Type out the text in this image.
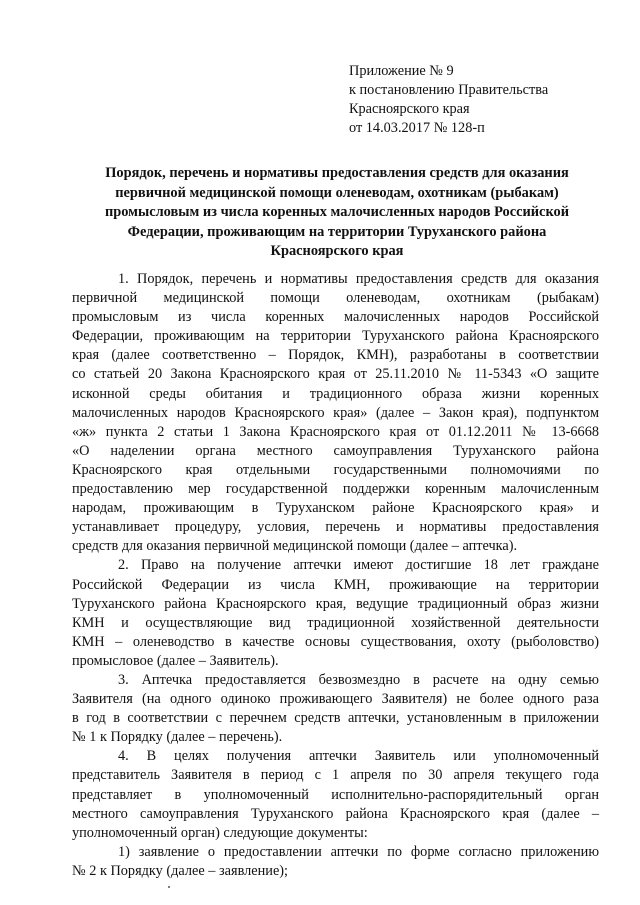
Приложение № 9
к постановлению Правительства
Красноярского края
от 14.03.2017 № 128-п
Порядок, перечень и нормативы предоставления средств для оказания
первичной медицинской помощи оленеводам, охотникам (рыбакам)
промысловым из числа коренных малочисленных народов Российской
Федерации, проживающим на территории Туруханского района
Красноярского края
1. Порядок, перечень и нормативы предоставления средств для оказания
первичной медицинской помощи оленеводам, охотникам (рыбакам)
промысловым из числа коренных малочисленных народов Российской
Федерации, проживающим на территории Туруханского района Красноярского
края (далее соответственно – Порядок, КМН), разработаны в соответствии
со статьей 20 Закона Красноярского края от 25.11.2010 № 11-5343 «О защите
исконной среды обитания и традиционного образа жизни коренных
малочисленных народов Красноярского края» (далее – Закон края), подпунктом
«ж» пункта 2 статьи 1 Закона Красноярского края от 01.12.2011 № 13-6668
«О наделении органа местного самоуправления Туруханского района
Красноярского края отдельными государственными полномочиями по
предоставлению мер государственной поддержки коренным малочисленным
народам, проживающим в Туруханском районе Красноярского края» и
устанавливает процедуру, условия, перечень и нормативы предоставления
средств для оказания первичной медицинской помощи (далее – аптечка).
2. Право на получение аптечки имеют достигшие 18 лет граждане
Российской Федерации из числа КМН, проживающие на территории
Туруханского района Красноярского края, ведущие традиционный образ жизни
КМН и осуществляющие вид традиционной хозяйственной деятельности
КМН – оленеводство в качестве основы существования, охоту (рыболовство)
промысловое (далее – Заявитель).
3. Аптечка предоставляется безвозмездно в расчете на одну семью
Заявителя (на одного одиноко проживающего Заявителя) не более одного раза
в год в соответствии с перечнем средств аптечки, установленным в приложении
№ 1 к Порядку (далее – перечень).
4. В целях получения аптечки Заявитель или уполномоченный
представитель Заявителя в период с 1 апреля по 30 апреля текущего года
представляет в уполномоченный исполнительно-распорядительный орган
местного самоуправления Туруханского района Красноярского края (далее –
уполномоченный орган) следующие документы:
1) заявление о предоставлении аптечки по форме согласно приложению
№ 2 к Порядку (далее – заявление);
